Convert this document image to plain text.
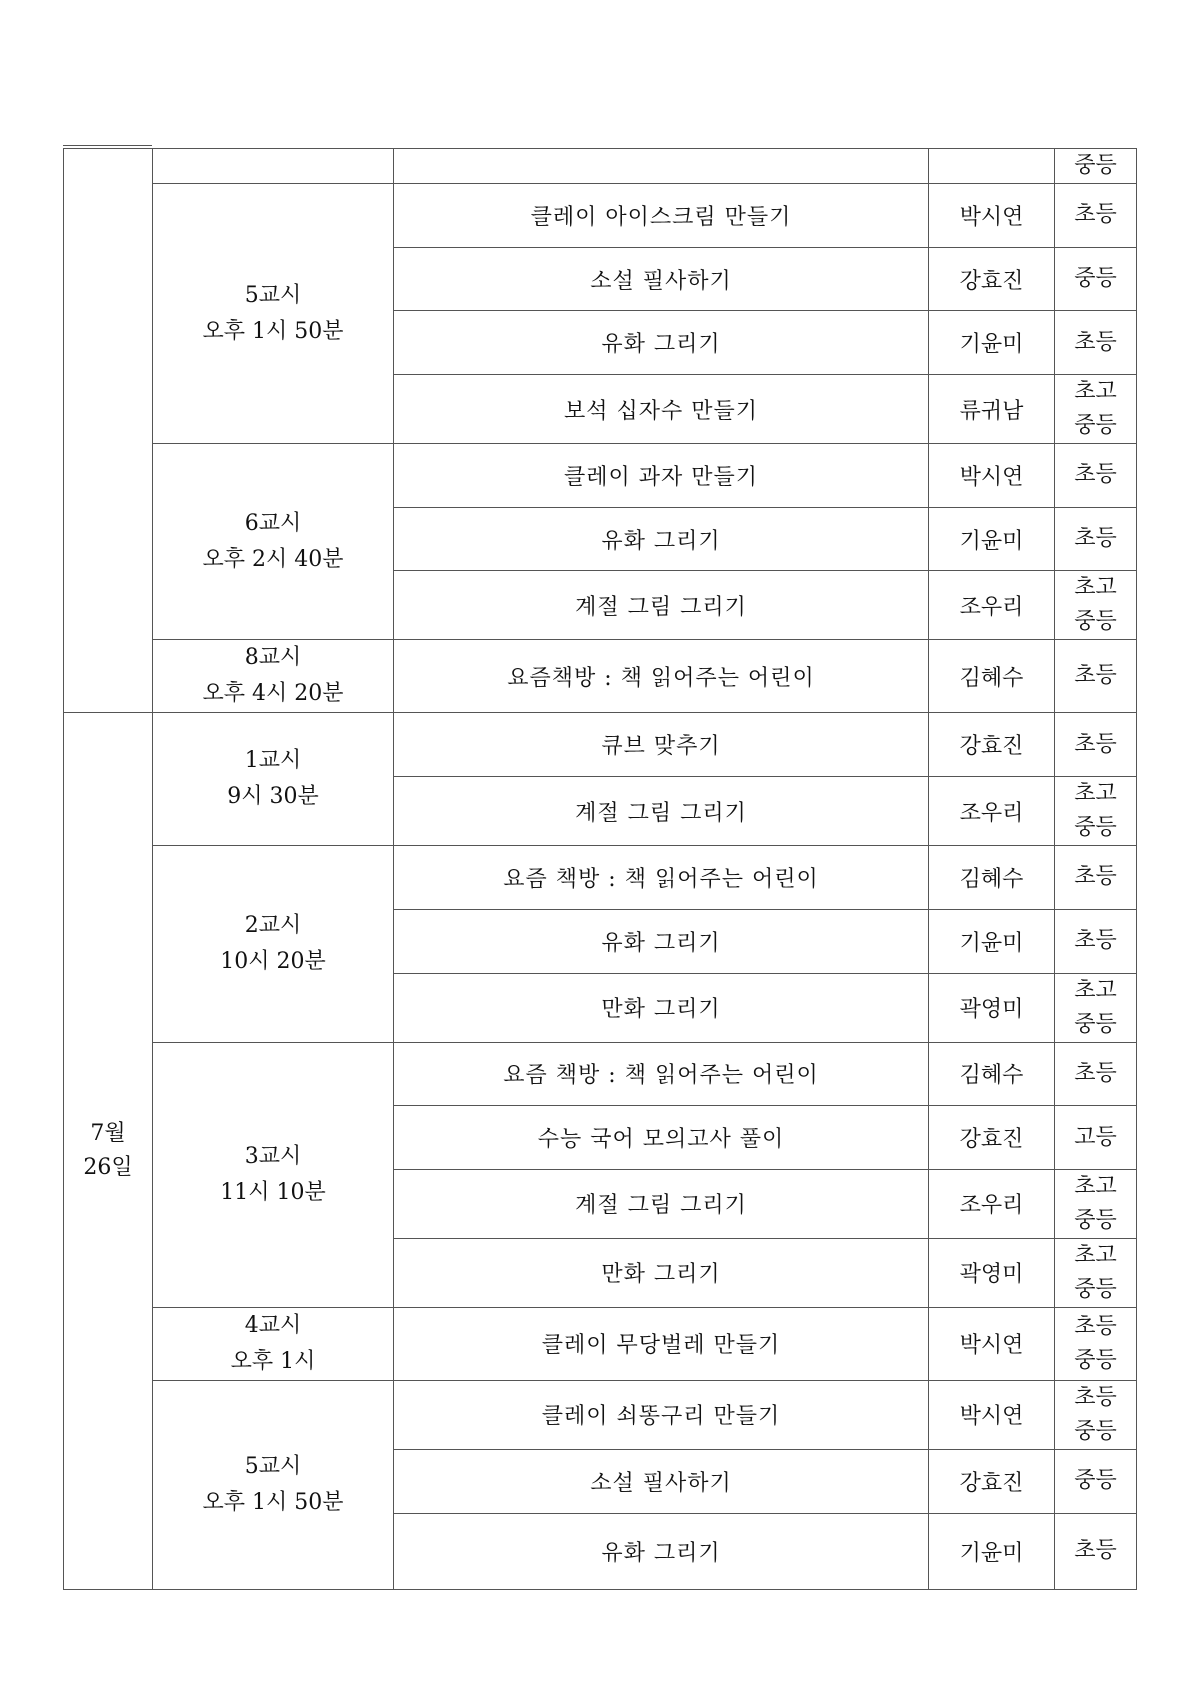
				중등

	5교시
오후 1시 50분	클레이 아이스크림 만들기	박시연	초등

		소설 필사하기	강효진	중등

		유화 그리기	기윤미	초등

		보석 십자수 만들기	류귀남	초고
중등

	6교시
오후 2시 40분	클레이 과자 만들기	박시연	초등

		유화 그리기	기윤미	초등

		계절 그림 그리기	조우리	초고
중등

	8교시
오후 4시 20분	요즘책방 : 책 읽어주는 어린이	김혜수	초등

7월
26일	1교시
9시 30분	큐브 맞추기	강효진	초등

		계절 그림 그리기	조우리	초고
중등

	2교시
10시 20분	요즘 책방 : 책 읽어주는 어린이	김혜수	초등

		유화 그리기	기윤미	초등

		만화 그리기	곽영미	초고
중등

	3교시
11시 10분	요즘 책방 : 책 읽어주는 어린이	김혜수	초등

		수능 국어 모의고사 풀이	강효진	고등

		계절 그림 그리기	조우리	초고
중등

		만화 그리기	곽영미	초고
중등

	4교시
오후 1시	클레이 무당벌레 만들기	박시연	초등
중등

	5교시
오후 1시 50분	클레이 쇠똥구리 만들기	박시연	초등
중등

		소설 필사하기	강효진	중등

		유화 그리기	기윤미	초등
